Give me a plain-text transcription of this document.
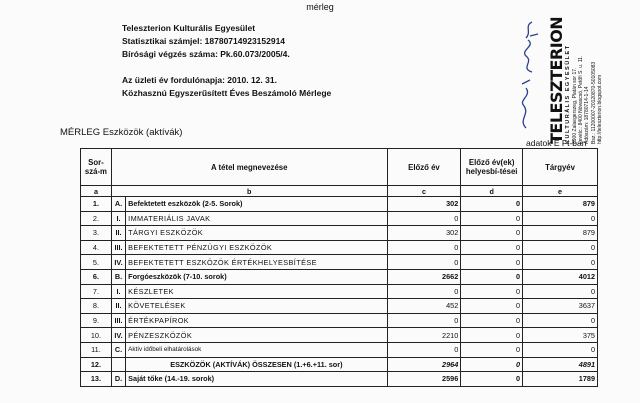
mérleg
Teleszterion Kulturális Egyesület
Statisztikai számjel: 18780714923152914
Bírósági végzés száma: Pk.60.073/2005/4.
Az üzleti év fordulónapja: 2010. 12. 31.
Közhasznú Egyszerűsített Éves Beszámoló Mérlege
MÉRLEG Eszközök (aktívák)
adatok E Ft-ban
TELESZTERION KULTURÁLIS EGYESÜLET 8900 Zalaegerszeg, Platán sor 17. Levélc.: 8400 Nóvascsó, Petőfi S. u. 11. Adószám: 18780714-1-14 Bsz.: 11200007-20120870-50105083 http://teleszterion.blogspot.com
Sor-szá-m	A tétel megnevezése		Előző év	Előző év(ek) helyesbí-tései	Tárgyév
a	b		c	d	e
1.	A.	Befektetett eszközök (2-5. Sorok)	302	0	879
2.	I.	IMMATERIÁLIS JAVAK	0	0	0
3.	II.	TÁRGYI ESZKÖZÖK	302	0	879
4.	III.	BEFEKTETETT PÉNZÜGYI ESZKÖZÖK	0	0	0
5.	IV.	BEFEKTETETT ESZKÖZÖK ÉRTÉKHELYESBÍTÉSE	0	0	0
6.	B.	Forgóeszközök (7-10. sorok)	2662	0	4012
7.	I.	KÉSZLETEK	0	0	0
8.	II.	KÖVETELÉSEK	452	0	3637
9.	III.	ÉRTÉKPAPÍROK	0	0	0
10.	IV.	PÉNZESZKÖZÖK	2210	0	375
11.	C.	Aktív időbeli elhatárolások	0	0	0
12.		ESZKÖZÖK (AKTÍVÁK) ÖSSZESEN (1.+6.+11. sor)	2964	0	4891
13.	D.	Saját tőke (14.-19. sorok)	2596	0	1789
